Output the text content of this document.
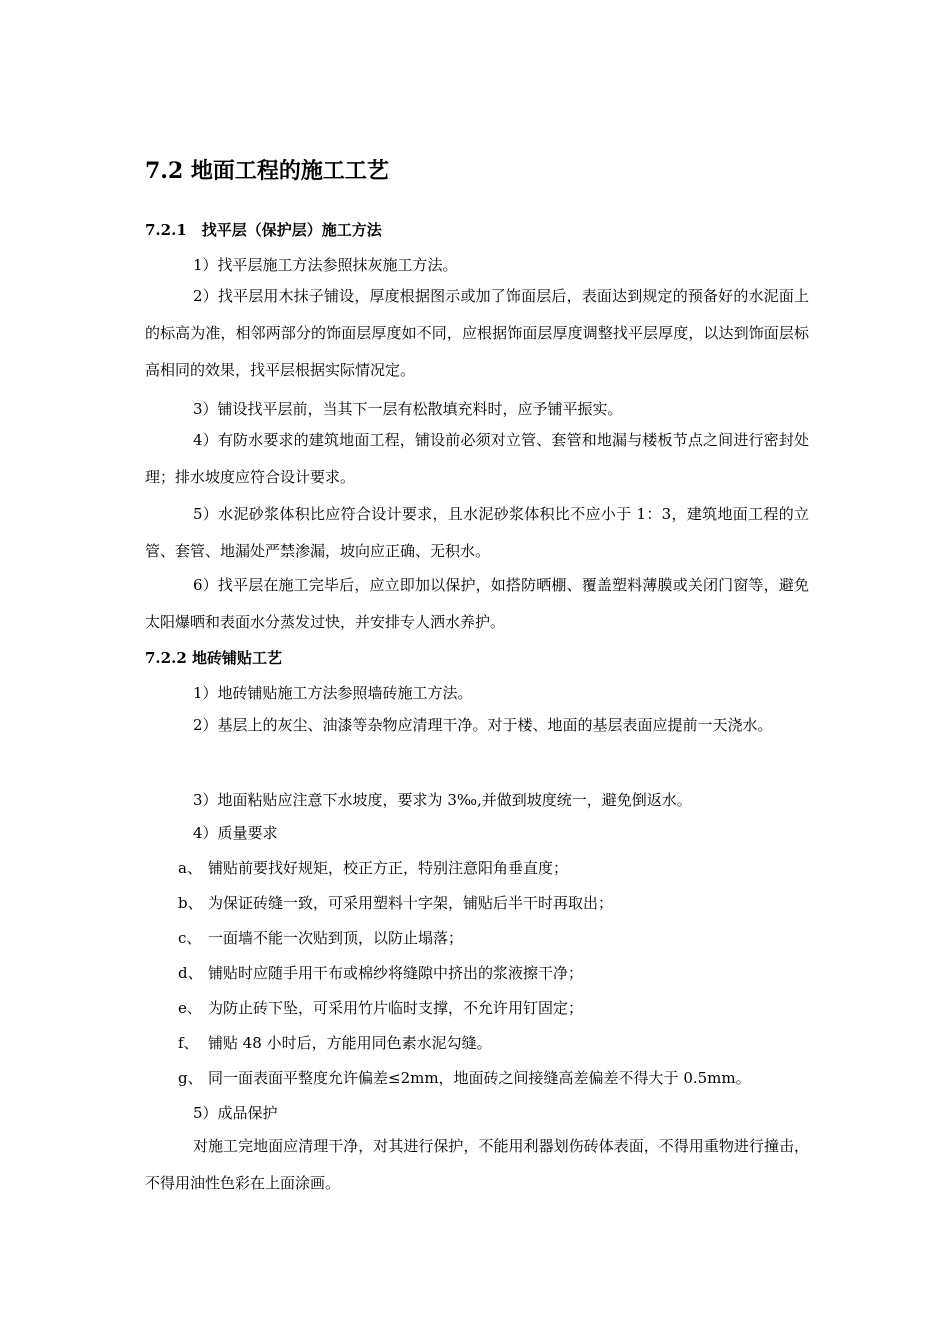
7.2 地面工程的施工工艺
7.2.1　找平层（保护层）施工方法
1）找平层施工方法参照抹灰施工方法。
2）找平层用木抹子铺设，厚度根据图示或加了饰面层后，表面达到规定的预备好的水泥面上的标高为准，相邻两部分的饰面层厚度如不同，应根据饰面层厚度调整找平层厚度，以达到饰面层标高相同的效果，找平层根据实际情况定。
3）铺设找平层前，当其下一层有松散填充料时，应予铺平振实。
4）有防水要求的建筑地面工程，铺设前必须对立管、套管和地漏与楼板节点之间进行密封处理；排水坡度应符合设计要求。
5）水泥砂浆体积比应符合设计要求，且水泥砂浆体积比不应小于 1：3，建筑地面工程的立管、套管、地漏处严禁渗漏，坡向应正确、无积水。
6）找平层在施工完毕后，应立即加以保护，如搭防晒棚、覆盖塑料薄膜或关闭门窗等，避免太阳爆晒和表面水分蒸发过快，并安排专人洒水养护。
7.2.2 地砖铺贴工艺
1）地砖铺贴施工方法参照墙砖施工方法。
2）基层上的灰尘、油漆等杂物应清理干净。对于楼、地面的基层表面应提前一天浇水。
3）地面粘贴应注意下水坡度，要求为 3‰,并做到坡度统一，避免倒返水。
4）质量要求
a、 铺贴前要找好规矩，校正方正，特别注意阳角垂直度；
b、 为保证砖缝一致，可采用塑料十字架，铺贴后半干时再取出；
c、 一面墙不能一次贴到顶，以防止塌落；
d、 铺贴时应随手用干布或棉纱将缝隙中挤出的浆液擦干净；
e、 为防止砖下坠，可采用竹片临时支撑，不允许用钉固定；
f、 铺贴 48 小时后，方能用同色素水泥勾缝。
g、 同一面表面平整度允许偏差≤2mm，地面砖之间接缝高差偏差不得大于 0.5mm。
5）成品保护
对施工完地面应清理干净，对其进行保护，不能用利器划伤砖体表面，不得用重物进行撞击，不得用油性色彩在上面涂画。
